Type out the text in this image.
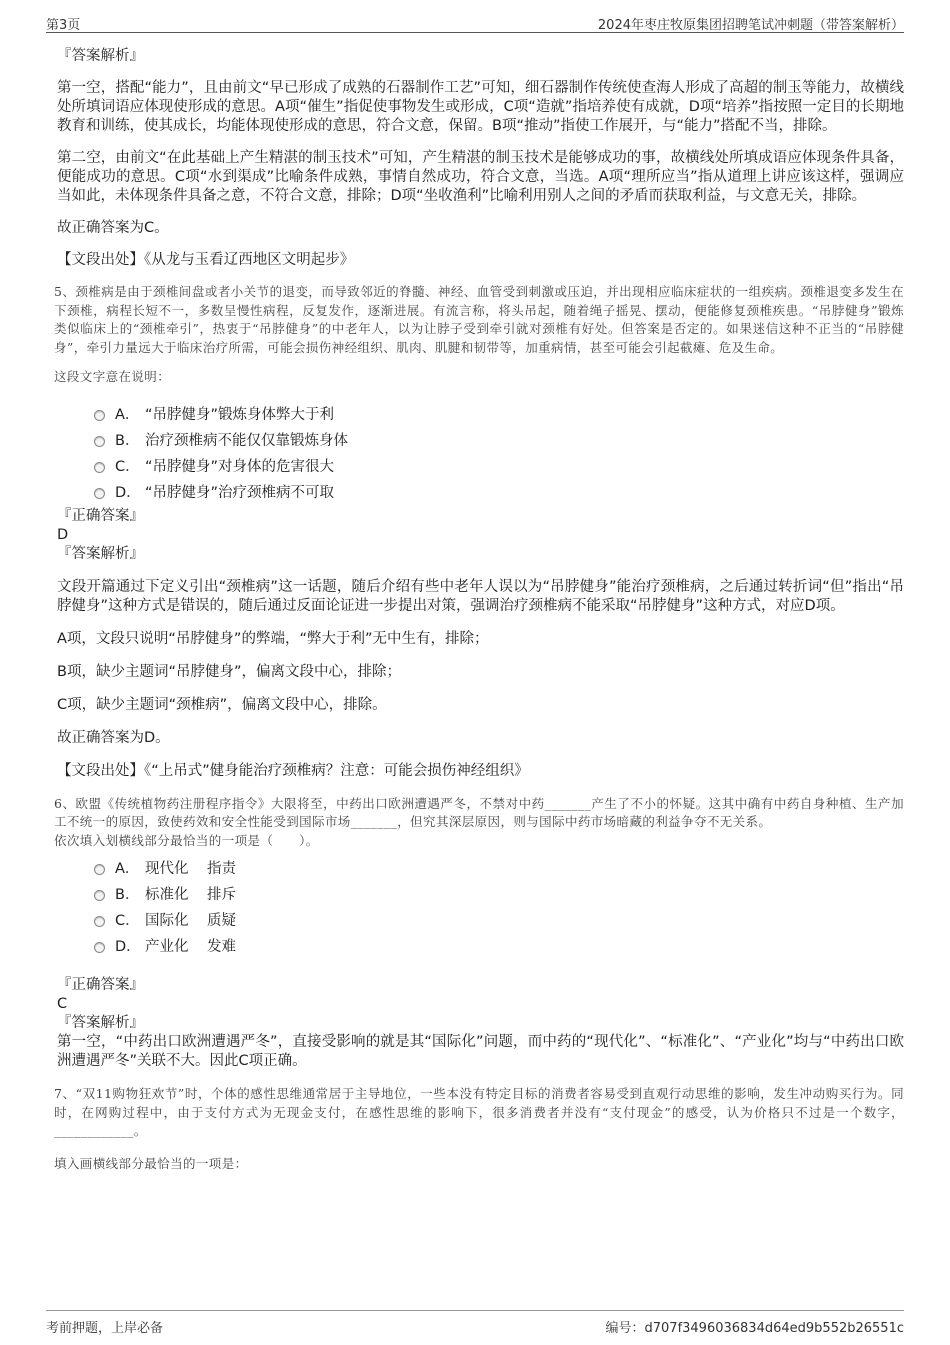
第3页	2024年枣庄牧原集团招聘笔试冲刺题（带答案解析）

『答案解析』

第一空，搭配“能力”，且由前文“早已形成了成熟的石器制作工艺”可知，细石器制作传统使查海人形成了高超的制玉等能力，故横线处所填词语应体现使形成的意思。A项“催生”指促使事物发生或形成，C项“造就”指培养使有成就，D项“培养”指按照一定目的长期地教育和训练，使其成长，均能体现使形成的意思，符合文意，保留。B项“推动”指使工作展开，与“能力”搭配不当，排除。

第二空，由前文“在此基础上产生精湛的制玉技术”可知，产生精湛的制玉技术是能够成功的事，故横线处所填成语应体现条件具备，便能成功的意思。C项“水到渠成”比喻条件成熟，事情自然成功，符合文意，当选。A项“理所应当”指从道理上讲应该这样，强调应当如此，未体现条件具备之意，不符合文意，排除；D项“坐收渔利”比喻利用别人之间的矛盾而获取利益，与文意无关，排除。

故正确答案为C。

【文段出处】《从龙与玉看辽西地区文明起步》

5、颈椎病是由于颈椎间盘或者小关节的退变，而导致邻近的脊髓、神经、血管受到刺激或压迫，并出现相应临床症状的一组疾病。颈椎退变多发生在下颈椎，病程长短不一，多数呈慢性病程，反复发作，逐渐进展。有流言称，将头吊起，随着绳子摇晃、摆动，便能修复颈椎疾患。“吊脖健身”锻炼类似临床上的“颈椎牵引”，热衷于“吊脖健身”的中老年人，以为让脖子受到牵引就对颈椎有好处。但答案是否定的。如果迷信这种不正当的“吊脖健身”，牵引力量远大于临床治疗所需，可能会损伤神经组织、肌肉、肌腱和韧带等，加重病情，甚至可能会引起截瘫、危及生命。

这段文字意在说明：

A． “吊脖健身”锻炼身体弊大于利
B． 治疗颈椎病不能仅仅靠锻炼身体
C． “吊脖健身”对身体的危害很大
D． “吊脖健身”治疗颈椎病不可取

『正确答案』

D

『答案解析』

文段开篇通过下定义引出“颈椎病”这一话题，随后介绍有些中老年人误以为“吊脖健身”能治疗颈椎病，之后通过转折词“但”指出“吊脖健身”这种方式是错误的，随后通过反面论证进一步提出对策，强调治疗颈椎病不能采取“吊脖健身”这种方式，对应D项。

A项，文段只说明“吊脖健身”的弊端，“弊大于利”无中生有，排除；

B项，缺少主题词“吊脖健身”，偏离文段中心，排除；

C项，缺少主题词“颈椎病”，偏离文段中心，排除。

故正确答案为D。

【文段出处】《“上吊式”健身能治疗颈椎病？注意：可能会损伤神经组织》

6、欧盟《传统植物药注册程序指令》大限将至，中药出口欧洲遭遇严冬，不禁对中药_______产生了不小的怀疑。这其中确有中药自身种植、生产加工不统一的原因，致使药效和安全性能受到国际市场_______，但究其深层原因，则与国际中药市场暗藏的利益争夺不无关系。

依次填入划横线部分最恰当的一项是（　　）。

A． 现代化	指责
B． 标准化	排斥
C． 国际化	质疑
D． 产业化	发难

『正确答案』

C

『答案解析』

第一空，“中药出口欧洲遭遇严冬”，直接受影响的就是其“国际化”问题，而中药的“现代化”、“标准化”、“产业化”均与“中药出口欧洲遭遇严冬”关联不大。因此C项正确。

7、“双11购物狂欢节”时，个体的感性思维通常居于主导地位，一些本没有特定目标的消费者容易受到直观行动思维的影响，发生冲动购买行为。同时，在网购过程中，由于支付方式为无现金支付，在感性思维的影响下，很多消费者并没有“支付现金”的感受，认为价格只不过是一个数字，____________。

填入画横线部分最恰当的一项是：

考前押题，上岸必备	编号：d707f3496036834d64ed9b552b26551c
